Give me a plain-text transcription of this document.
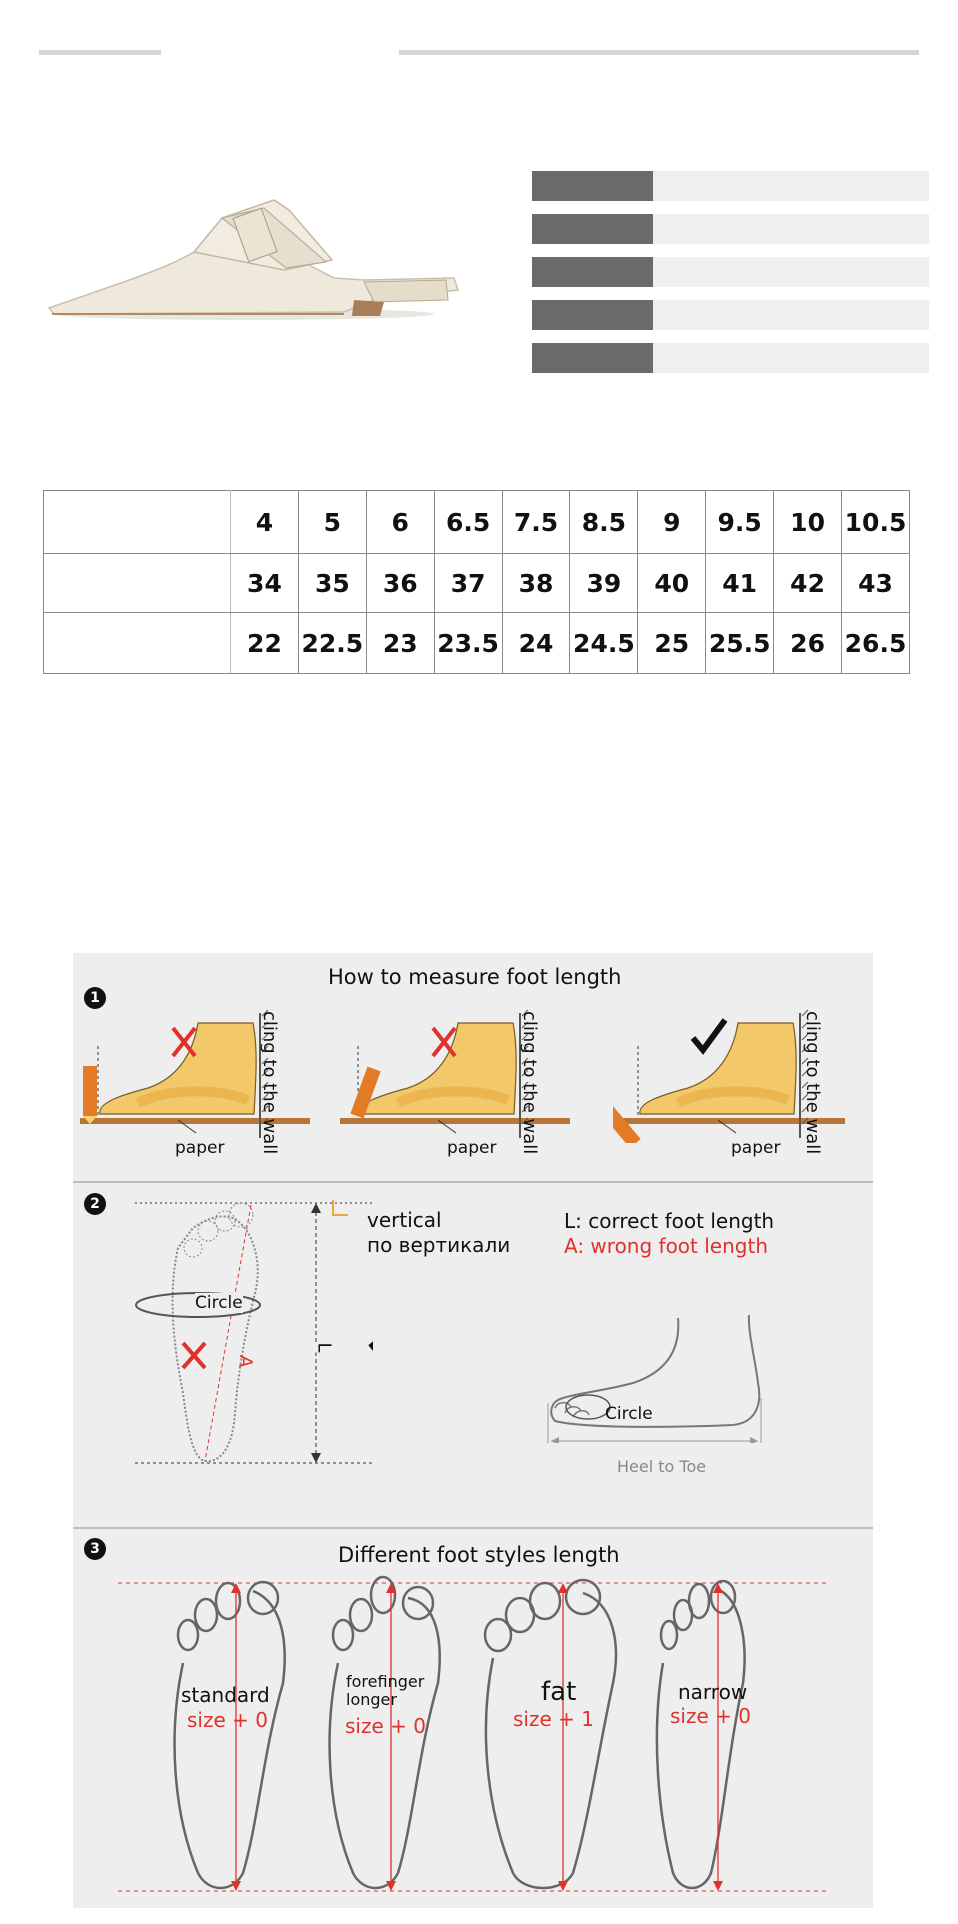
	4	5	6	6.5	7.5	8.5	9	9.5	10	10.5
	34	35	36	37	38	39	40	41	42	43
	22	22.5	23	23.5	24	24.5	25	25.5	26	26.5
1
How to measure foot length
cling to the wall
paper	cling to the wall
paper	cling to the wall
paper
2
Circle
A
L
vertical
по вертикали
L: correct foot length
A: wrong foot length
Circle
Heel to Toe
3	Different foot styles length
standard
size + 0
forefinger longer
size + 0
fat
size + 1
narrow
size + 0
